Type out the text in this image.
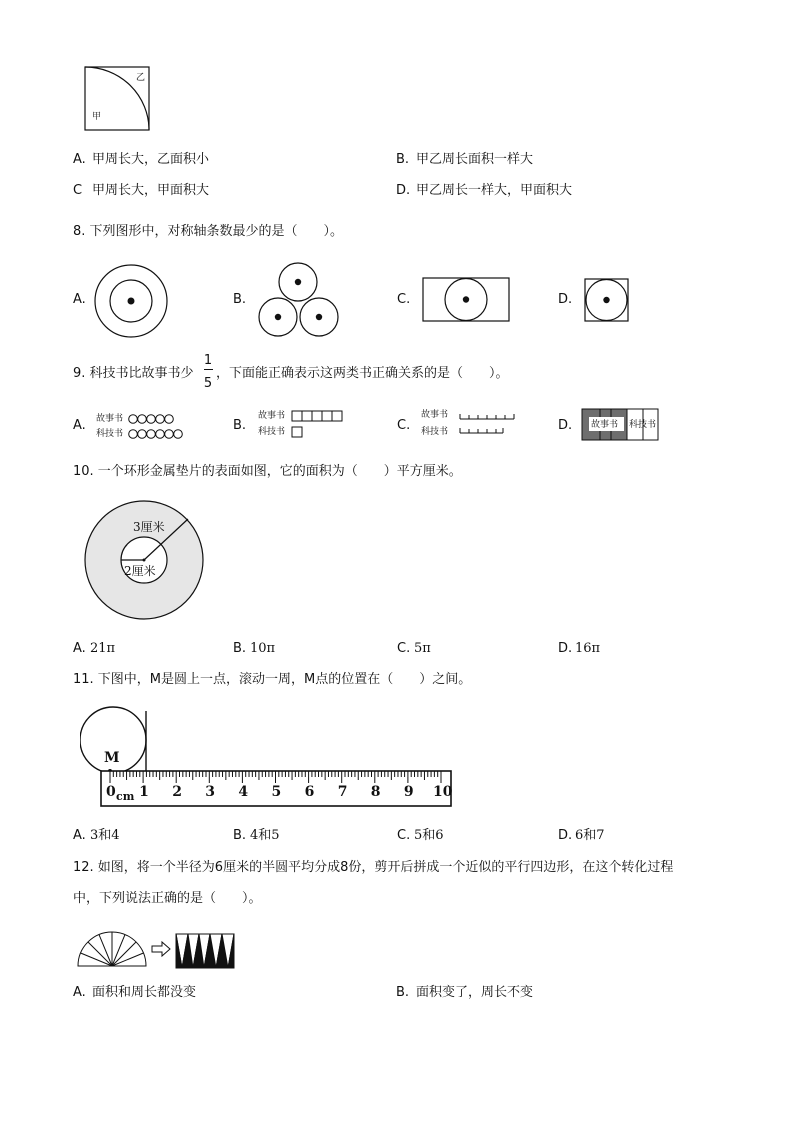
乙
甲
A. 甲周长大，乙面积小	B. 甲乙周长面积一样大
C 甲周长大，甲面积大	D. 甲乙周长一样大，甲面积大
8. 下列图形中，对称轴条数最少的是（　　）。
A.	B.	C.	D.
9. 科技书比故事书少
1
5
，下面能正确表示这两类书正确关系的是（　　）。
A. 故事书
科技书
B.
故事书
科技书	C.
故事书
科技书	D. 故事书 科技书
10. 一个环形金属垫片的表面如图，它的面积为（　　）平方厘米。
3厘米
2厘米
A. 21π	B. 10π	C. 5π	D. 16π
11. 下图中，M是圆上一点，滚动一周，M点的位置在（　　）之间。
M
cm
0 1 2 3 4 5 6 7 8 9 10
A. 3和4	B. 4和5	C. 5和6	D. 6和7
12. 如图，将一个半径为6厘米的半圆平均分成8份，剪开后拼成一个近似的平行四边形，在这个转化过程
中，下列说法正确的是（　　）。
A. 面积和周长都没变	B. 面积变了，周长不变
